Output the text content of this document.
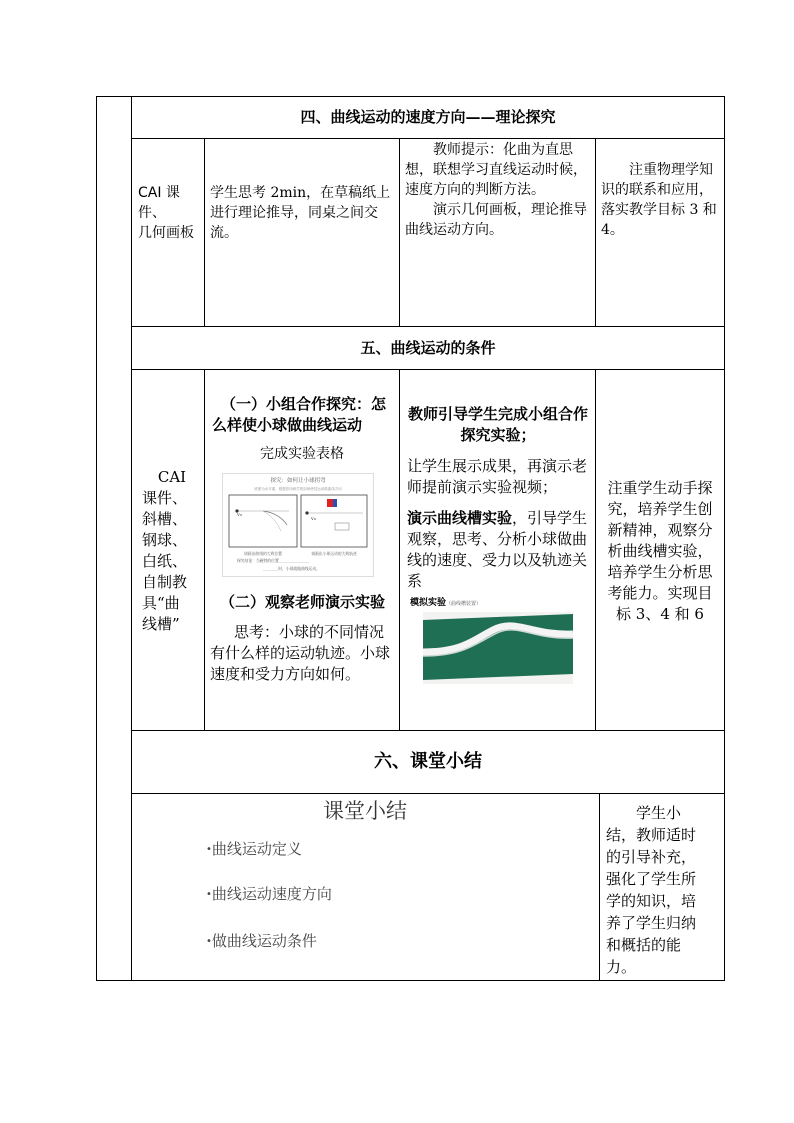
四、曲线运动的速度方向——理论探究
CAI 课
件、
几何画板
学生思考 2min，在草稿纸上进行理论推导，同桌之间交流。
教师提示：化曲为直思想，联想学习直线运动时候，速度方向的判断方法。
演示几何画板，理论推导曲线运动方向。
注重物理学知识的联系和应用，落实教学目标 3 和 4。
五、曲线运动的条件
CAI
课件、
斜槽、
钢球、
白纸、
自制教
具“曲
线槽”
（一）小组合作探究：怎么样使小球做曲线运动
完成实验表格
探究：如何让小球拐弯
底面为水平面，根据你所研学的如何使其运动做曲线方向
v₀
v₀
请画出曲线的大致位置	请画出小球运动的大致轨迹
探究结论：当磁铁的位置________________
________时，小球就做曲线运动。
（二）观察老师演示实验
思考：小球的不同情况有什么样的运动轨迹。小球速度和受力方向如何。
教师引导学生完成小组合作探究实验；
让学生展示成果，再演示老师提前演示实验视频；
演示曲线槽实验，引导学生观察，思考、分析小球做曲线的速度、受力以及轨迹关系
模拟实验（曲线槽装置）
注重学生动手探究，培养学生创新精神，观察分析曲线槽实验，培养学生分析思考能力。实现目标 3、4 和 6
六、课堂小结
课堂小结
•曲线运动定义
•曲线运动速度方向
•做曲线运动条件
学生小结，教师适时的引导补充，强化了学生所学的知识，培养了学生归纳和概括的能力。
